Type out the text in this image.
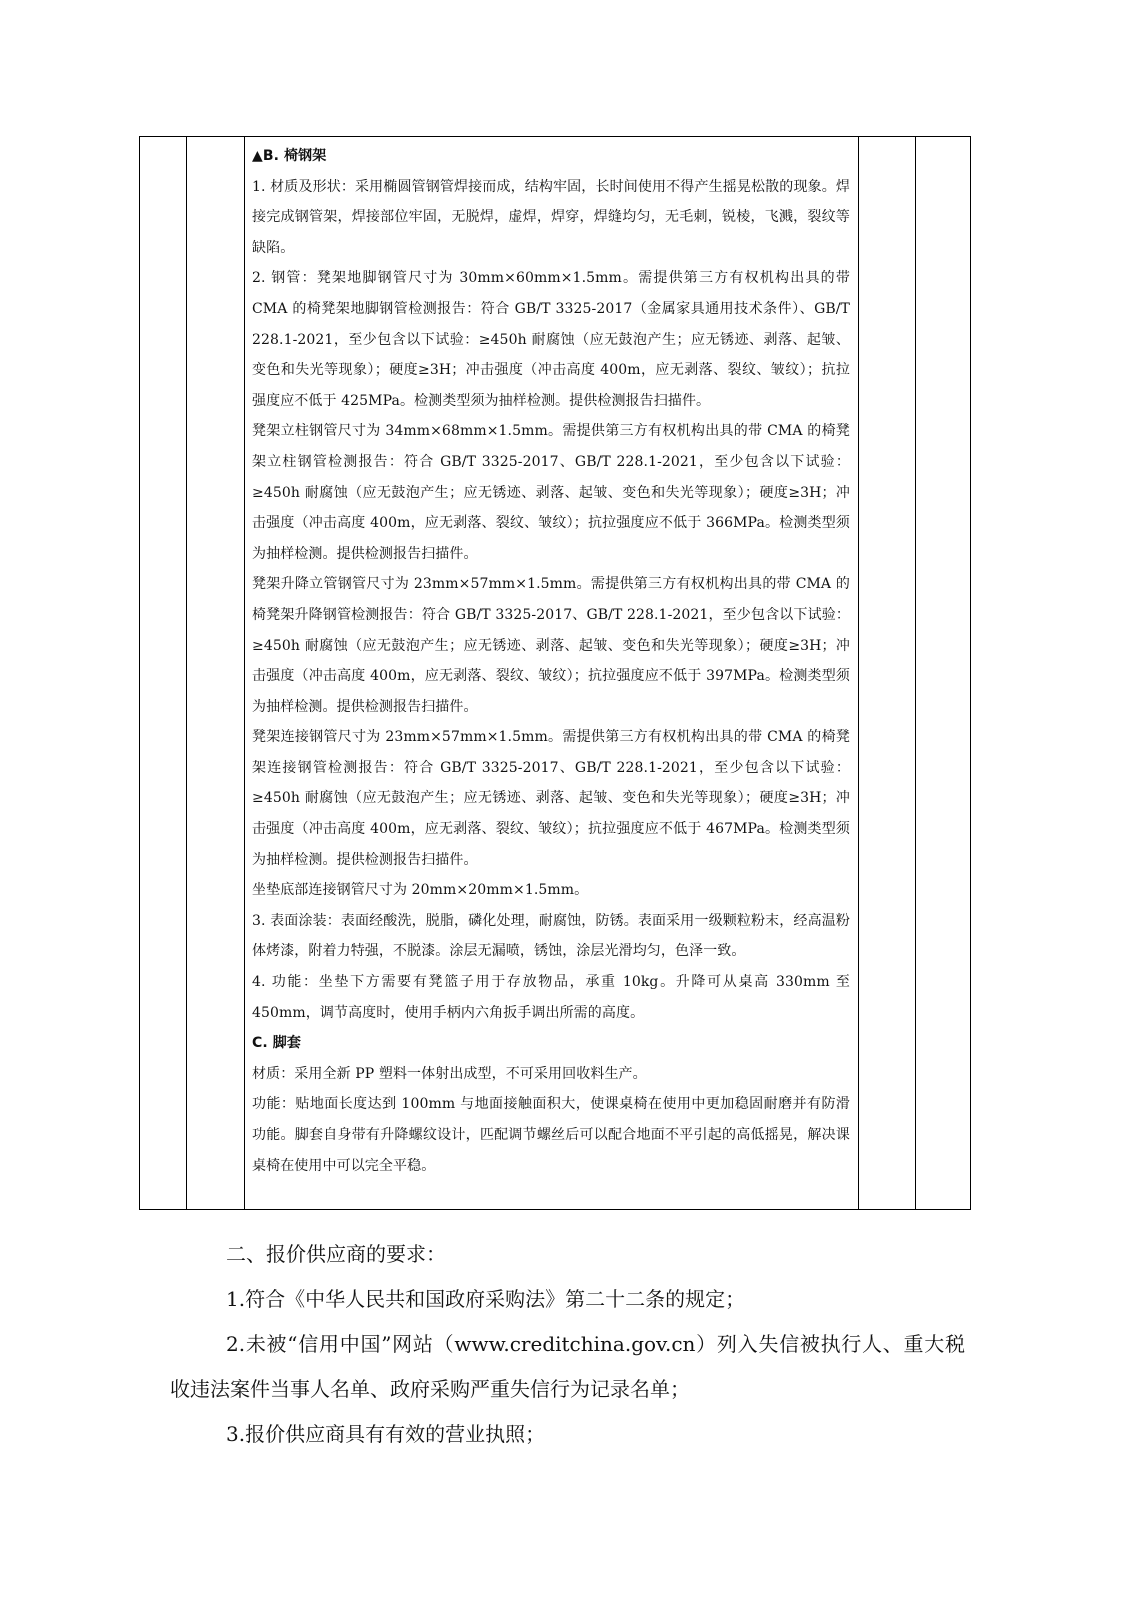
▲B. 椅钢架

1. 材质及形状：采用椭圆管钢管焊接而成，结构牢固，长时间使用不得产生摇晃松散的现象。焊接完成钢管架，焊接部位牢固，无脱焊，虚焊，焊穿，焊缝均匀，无毛刺，锐棱，飞溅，裂纹等缺陷。

2. 钢管：凳架地脚钢管尺寸为 30mm×60mm×1.5mm。需提供第三方有权机构出具的带 CMA 的椅凳架地脚钢管检测报告：符合 GB/T 3325-2017（金属家具通用技术条件）、GB/T 228.1-2021，至少包含以下试验：≥450h 耐腐蚀（应无鼓泡产生；应无锈迹、剥落、起皱、变色和失光等现象）；硬度≥3H；冲击强度（冲击高度 400m，应无剥落、裂纹、皱纹）；抗拉强度应不低于 425MPa。检测类型须为抽样检测。提供检测报告扫描件。

凳架立柱钢管尺寸为 34mm×68mm×1.5mm。需提供第三方有权机构出具的带 CMA 的椅凳架立柱钢管检测报告：符合 GB/T 3325-2017、GB/T 228.1-2021，至少包含以下试验：≥450h 耐腐蚀（应无鼓泡产生；应无锈迹、剥落、起皱、变色和失光等现象）；硬度≥3H；冲击强度（冲击高度 400m，应无剥落、裂纹、皱纹）；抗拉强度应不低于 366MPa。检测类型须为抽样检测。提供检测报告扫描件。

凳架升降立管钢管尺寸为 23mm×57mm×1.5mm。需提供第三方有权机构出具的带 CMA 的椅凳架升降钢管检测报告：符合 GB/T 3325-2017、GB/T 228.1-2021，至少包含以下试验：≥450h 耐腐蚀（应无鼓泡产生；应无锈迹、剥落、起皱、变色和失光等现象）；硬度≥3H；冲击强度（冲击高度 400m，应无剥落、裂纹、皱纹）；抗拉强度应不低于 397MPa。检测类型须为抽样检测。提供检测报告扫描件。

凳架连接钢管尺寸为 23mm×57mm×1.5mm。需提供第三方有权机构出具的带 CMA 的椅凳架连接钢管检测报告：符合 GB/T 3325-2017、GB/T 228.1-2021，至少包含以下试验：≥450h 耐腐蚀（应无鼓泡产生；应无锈迹、剥落、起皱、变色和失光等现象）；硬度≥3H；冲击强度（冲击高度 400m，应无剥落、裂纹、皱纹）；抗拉强度应不低于 467MPa。检测类型须为抽样检测。提供检测报告扫描件。

坐垫底部连接钢管尺寸为 20mm×20mm×1.5mm。

3. 表面涂装：表面经酸洗，脱脂，磷化处理，耐腐蚀，防锈。表面采用一级颗粒粉末，经高温粉体烤漆，附着力特强，不脱漆。涂层无漏喷，锈蚀，涂层光滑均匀，色泽一致。

4. 功能：坐垫下方需要有凳篮子用于存放物品，承重 10kg。升降可从桌高 330mm 至 450mm，调节高度时，使用手柄内六角扳手调出所需的高度。

C. 脚套

材质：采用全新 PP 塑料一体射出成型，不可采用回收料生产。

功能：贴地面长度达到 100mm 与地面接触面积大，使课桌椅在使用中更加稳固耐磨并有防滑功能。脚套自身带有升降螺纹设计，匹配调节螺丝后可以配合地面不平引起的高低摇晃，解决课桌椅在使用中可以完全平稳。

二、报价供应商的要求：

1.符合《中华人民共和国政府采购法》第二十二条的规定；

2.未被“信用中国”网站（www.creditchina.gov.cn）列入失信被执行人、重大税收违法案件当事人名单、政府采购严重失信行为记录名单；

3.报价供应商具有有效的营业执照；
